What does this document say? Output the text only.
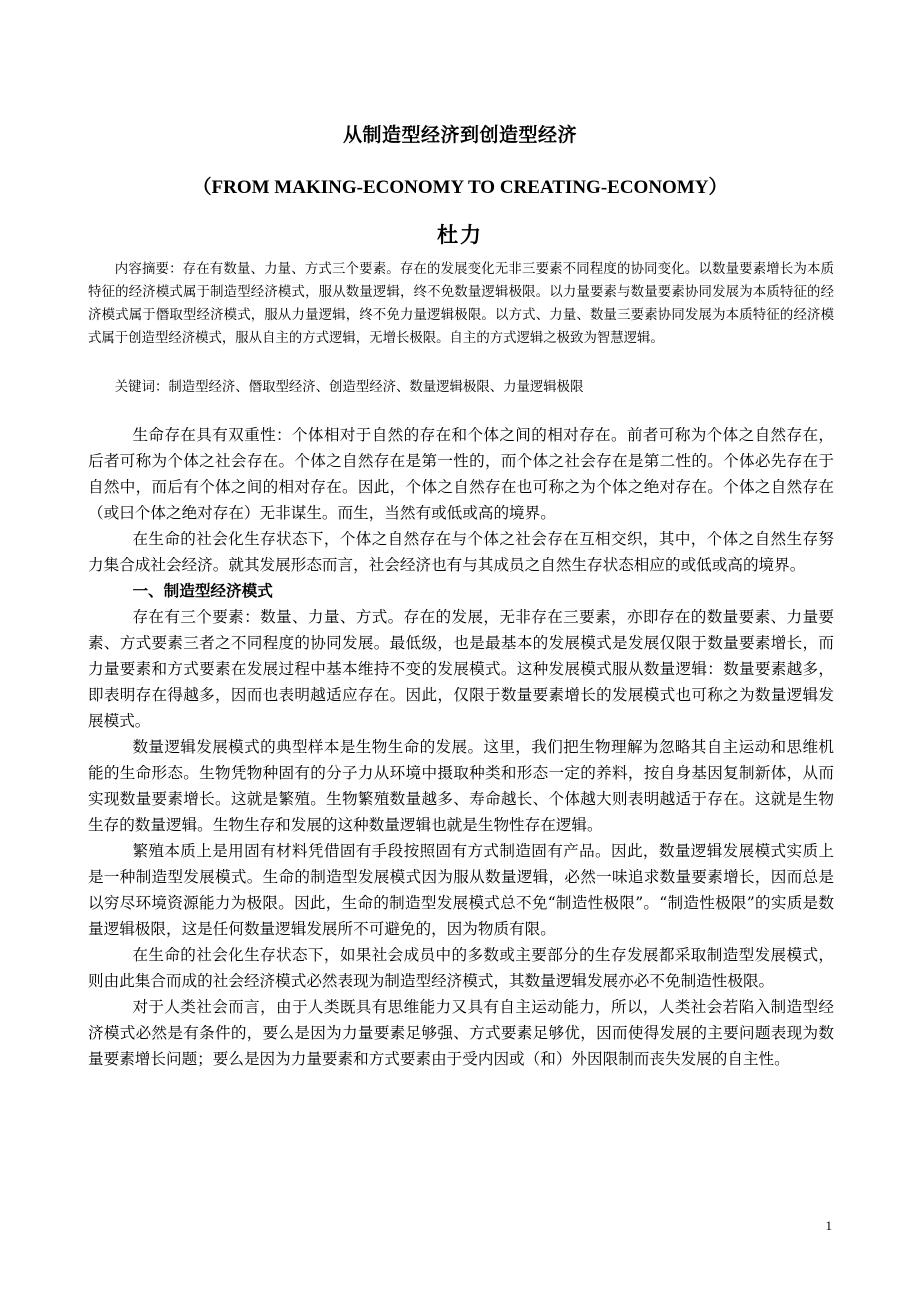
从制造型经济到创造型经济
（FROM MAKING-ECONOMY TO CREATING-ECONOMY）
杜力

内容摘要：存在有数量、力量、方式三个要素。存在的发展变化无非三要素不同程度的协同变化。以数量要素增长为本质特征的经济模式属于制造型经济模式，服从数量逻辑，终不免数量逻辑极限。以力量要素与数量要素协同发展为本质特征的经济模式属于僭取型经济模式，服从力量逻辑，终不免力量逻辑极限。以方式、力量、数量三要素协同发展为本质特征的经济模式属于创造型经济模式，服从自主的方式逻辑，无增长极限。自主的方式逻辑之极致为智慧逻辑。

关键词：制造型经济、僭取型经济、创造型经济、数量逻辑极限、力量逻辑极限

生命存在具有双重性：个体相对于自然的存在和个体之间的相对存在。前者可称为个体之自然存在，后者可称为个体之社会存在。个体之自然存在是第一性的，而个体之社会存在是第二性的。个体必先存在于自然中，而后有个体之间的相对存在。因此，个体之自然存在也可称之为个体之绝对存在。个体之自然存在（或曰个体之绝对存在）无非谋生。而生，当然有或低或高的境界。

在生命的社会化生存状态下，个体之自然存在与个体之社会存在互相交织，其中，个体之自然生存努力集合成社会经济。就其发展形态而言，社会经济也有与其成员之自然生存状态相应的或低或高的境界。

一、制造型经济模式

存在有三个要素：数量、力量、方式。存在的发展，无非存在三要素，亦即存在的数量要素、力量要素、方式要素三者之不同程度的协同发展。最低级，也是最基本的发展模式是发展仅限于数量要素增长，而力量要素和方式要素在发展过程中基本维持不变的发展模式。这种发展模式服从数量逻辑：数量要素越多，即表明存在得越多，因而也表明越适应存在。因此，仅限于数量要素增长的发展模式也可称之为数量逻辑发展模式。

数量逻辑发展模式的典型样本是生物生命的发展。这里，我们把生物理解为忽略其自主运动和思维机能的生命形态。生物凭物种固有的分子力从环境中摄取种类和形态一定的养料，按自身基因复制新体，从而实现数量要素增长。这就是繁殖。生物繁殖数量越多、寿命越长、个体越大则表明越适于存在。这就是生物生存的数量逻辑。生物生存和发展的这种数量逻辑也就是生物性存在逻辑。

繁殖本质上是用固有材料凭借固有手段按照固有方式制造固有产品。因此，数量逻辑发展模式实质上是一种制造型发展模式。生命的制造型发展模式因为服从数量逻辑，必然一味追求数量要素增长，因而总是以穷尽环境资源能力为极限。因此，生命的制造型发展模式总不免“制造性极限”。“制造性极限”的实质是数量逻辑极限，这是任何数量逻辑发展所不可避免的，因为物质有限。

在生命的社会化生存状态下，如果社会成员中的多数或主要部分的生存发展都采取制造型发展模式，则由此集合而成的社会经济模式必然表现为制造型经济模式，其数量逻辑发展亦必不免制造性极限。

对于人类社会而言，由于人类既具有思维能力又具有自主运动能力，所以，人类社会若陷入制造型经济模式必然是有条件的，要么是因为力量要素足够强、方式要素足够优，因而使得发展的主要问题表现为数量要素增长问题；要么是因为力量要素和方式要素由于受内因或（和）外因限制而丧失发展的自主性。

1
